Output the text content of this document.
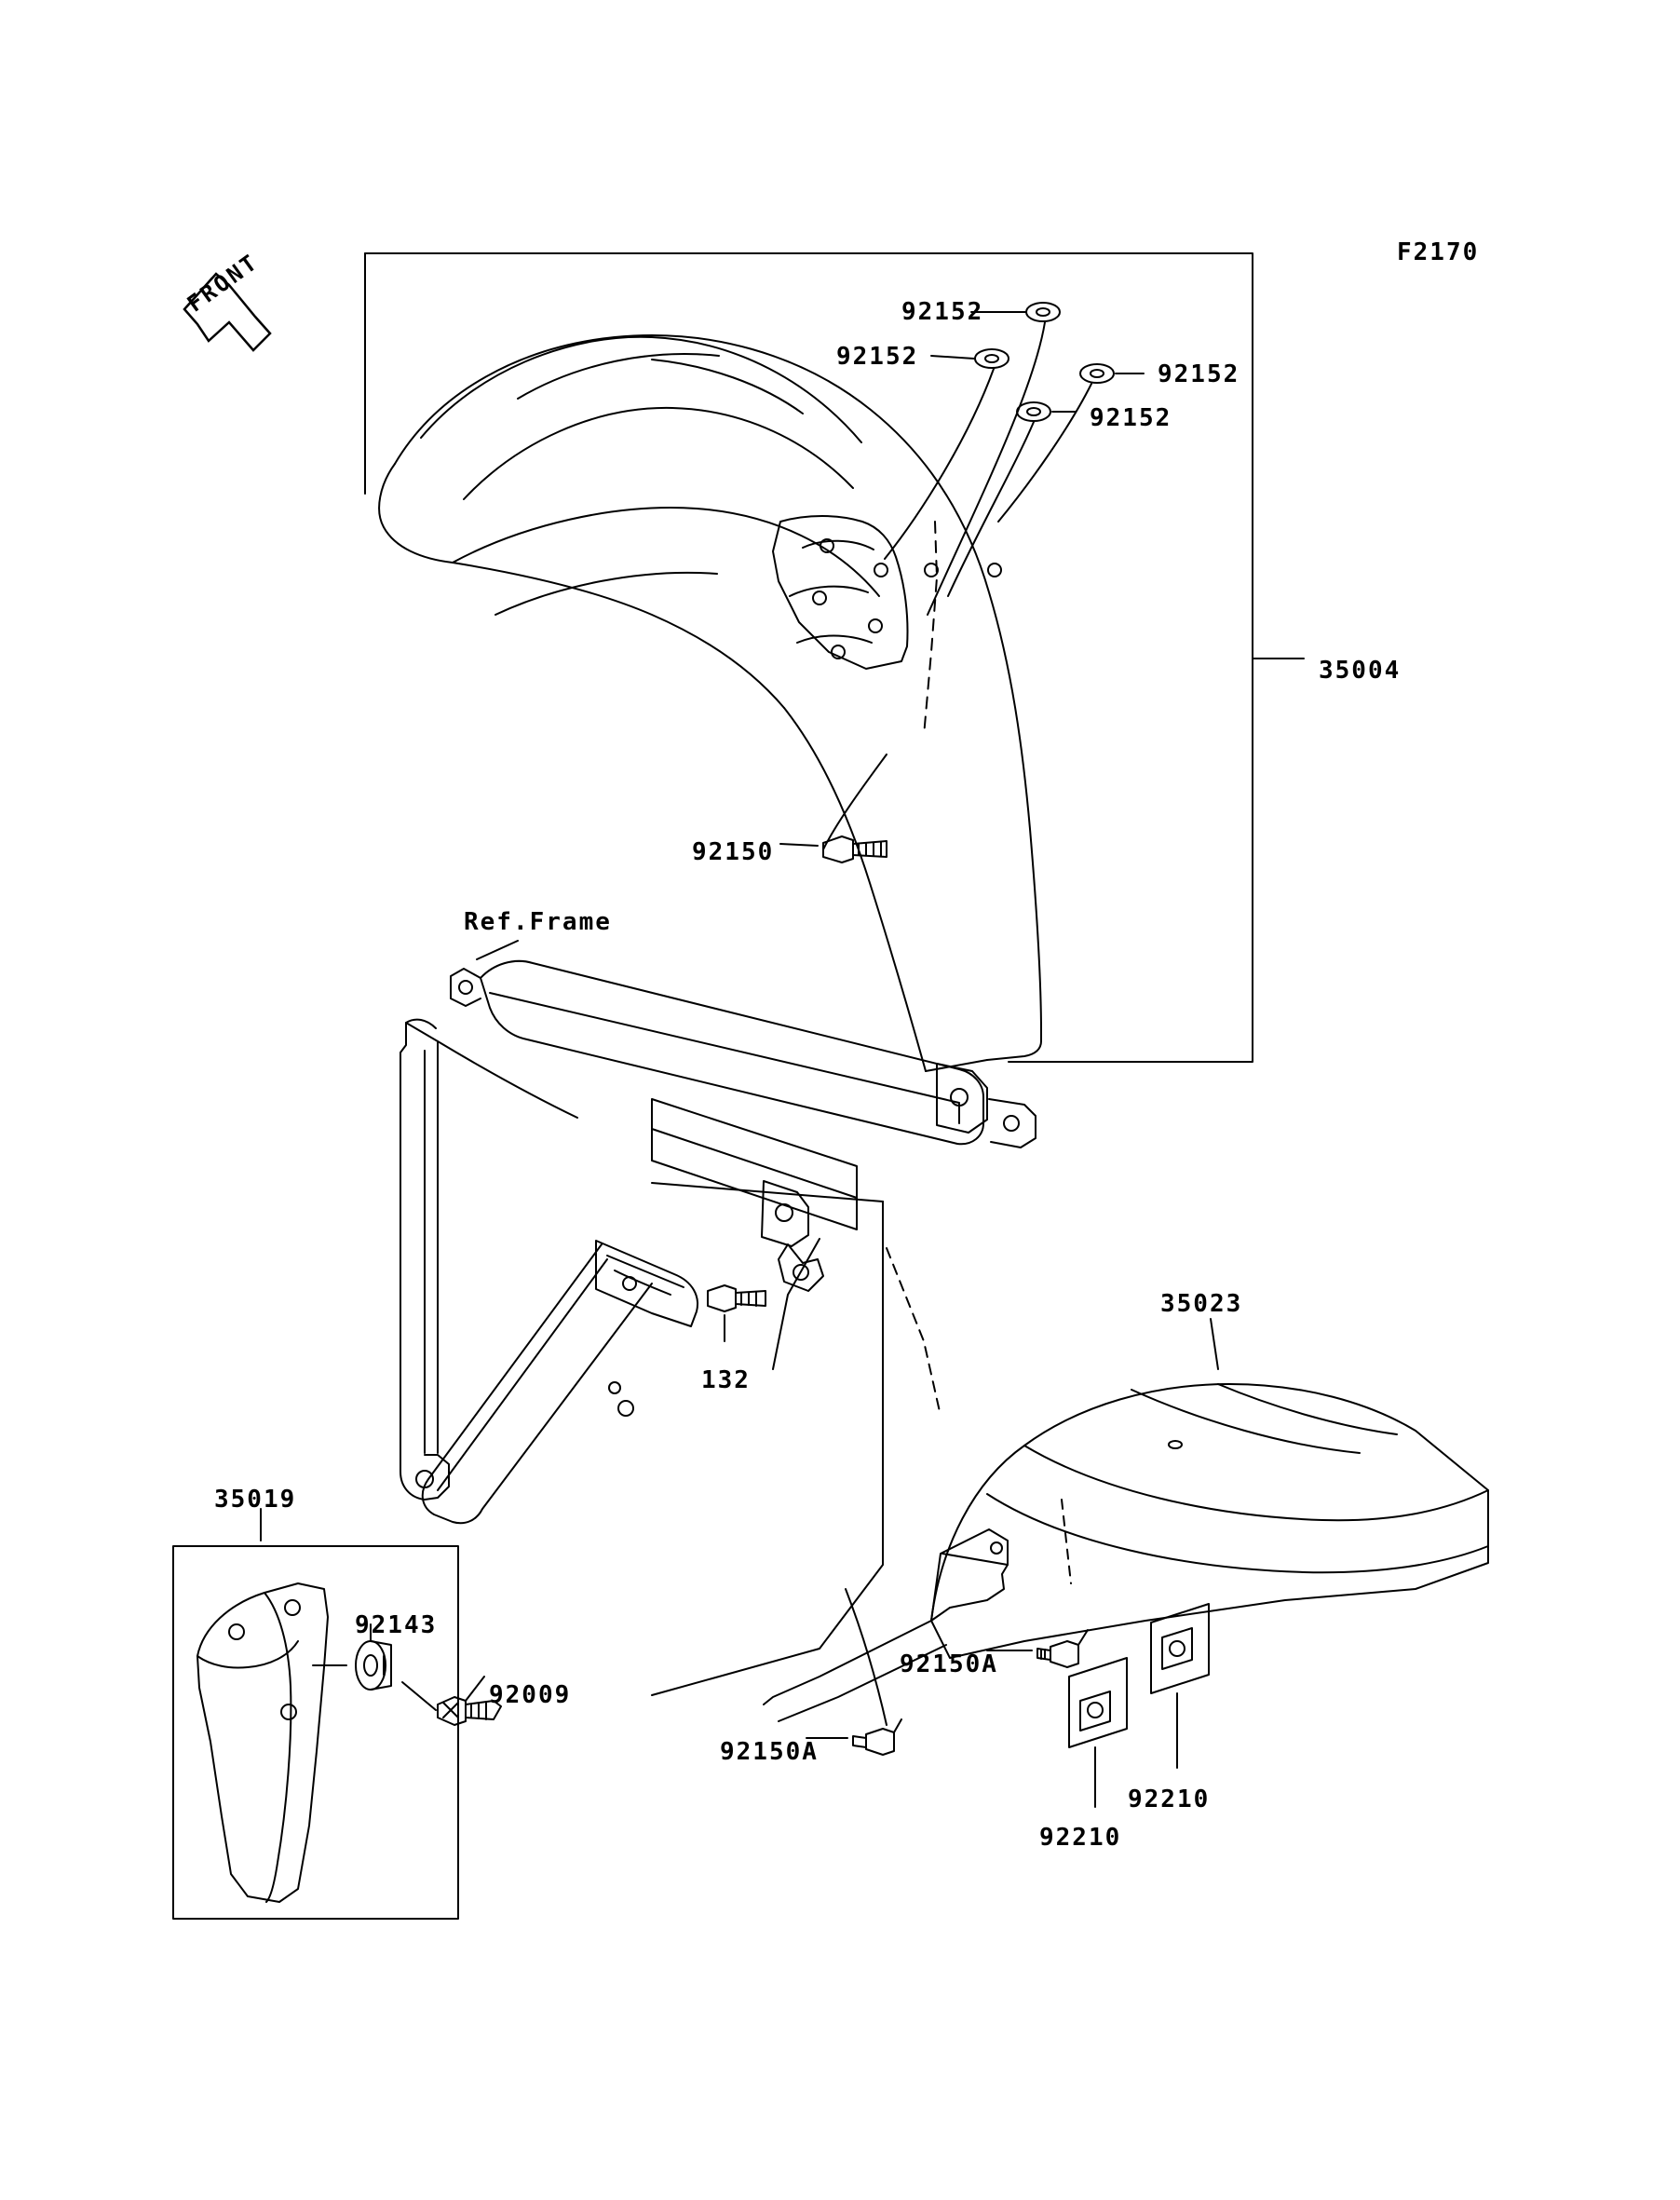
F2170
FRONT	92152
92152
92152
92152
35004
92150
Ref.Frame
132
35023
35019
92143
92009
92150A
92150A
92210
92210
